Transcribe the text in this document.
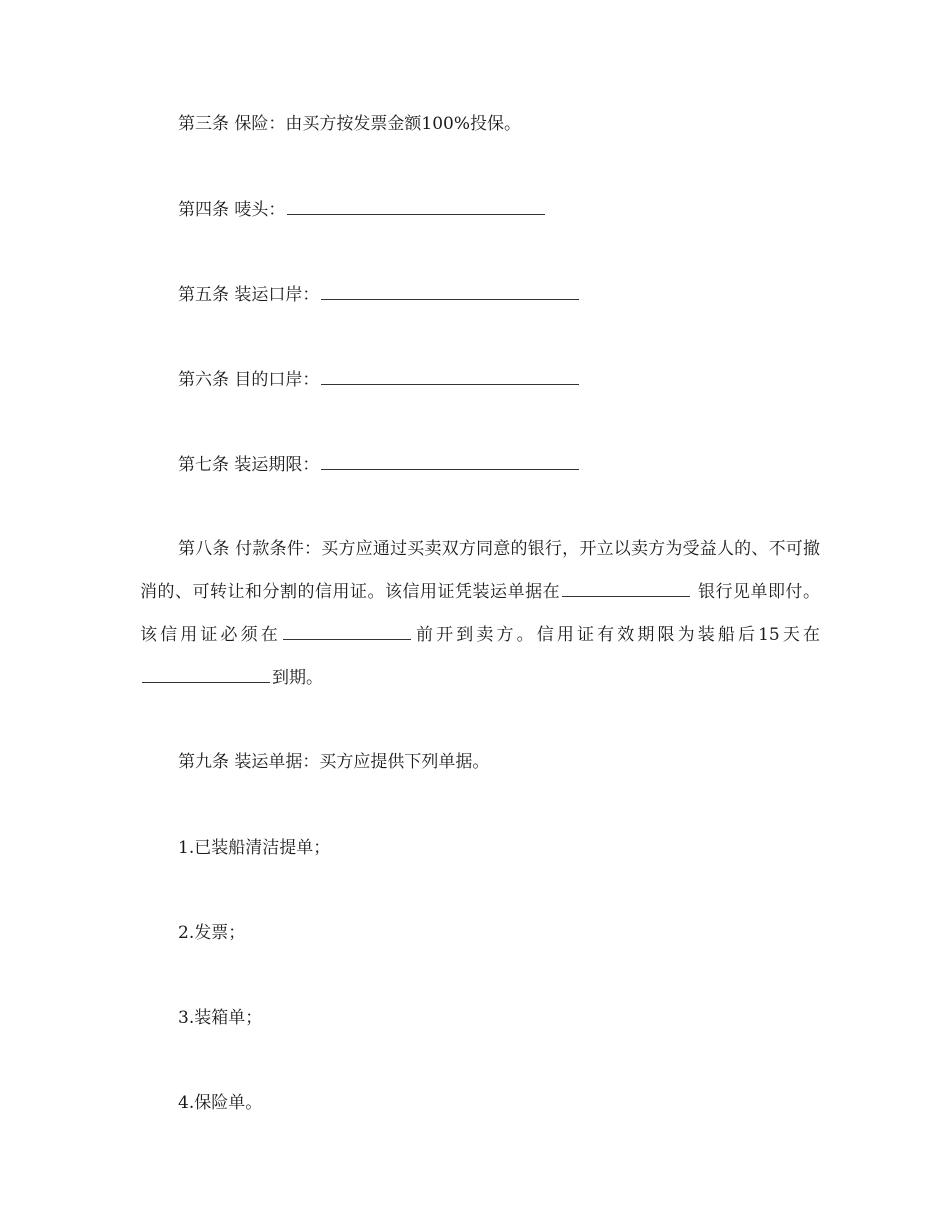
第三条 保险：由买方按发票金额100%投保。
第四条 唛头：
第五条 装运口岸：
第六条 目的口岸：
第七条 装运期限：
第八条 付款条件：买方应通过买卖双方同意的银行，开立以卖方为受益人的、不可撤消的、可转让和分割的信用证。该信用证凭装运单据在	银行见单即付。该信用证必须在	前开到卖方。信用证有效期限为装船后15天在到期。
第九条 装运单据：买方应提供下列单据。
1.已装船清洁提单；
2.发票；
3.装箱单；
4.保险单。
